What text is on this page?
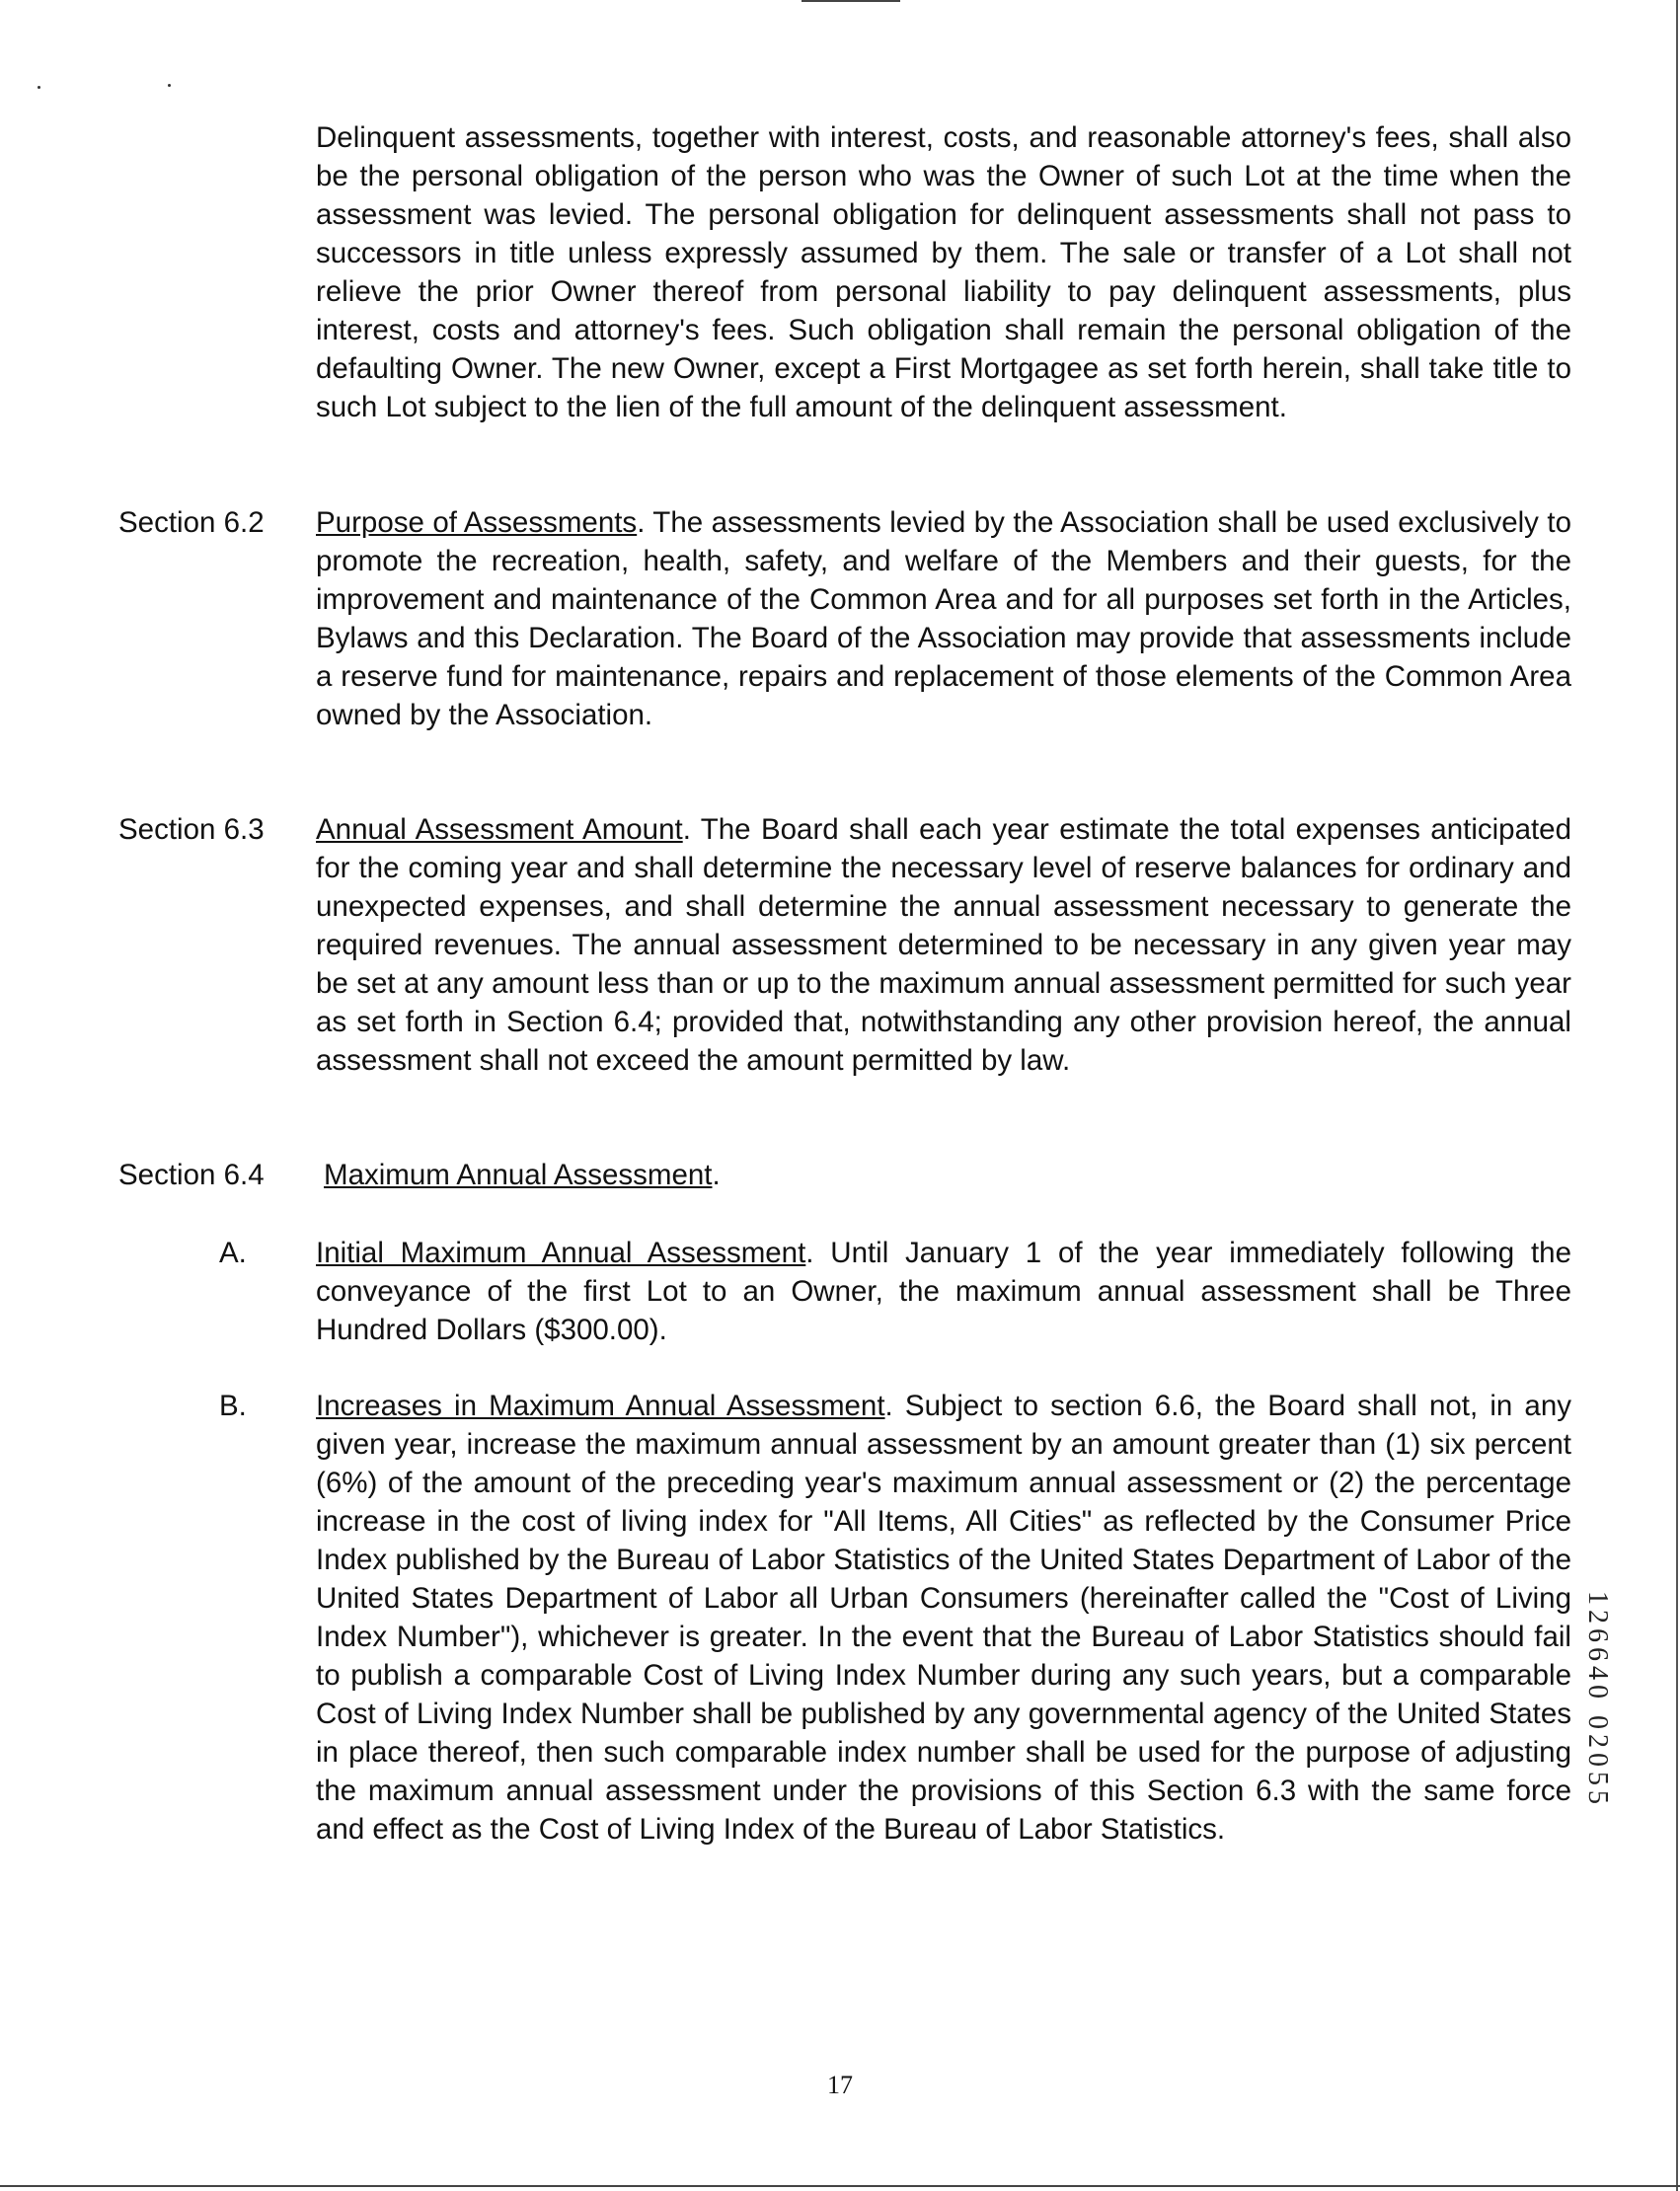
Delinquent assessments, together with interest, costs, and reasonable attorney's fees, shall also be the personal obligation of the person who was the Owner of such Lot at the time when the assessment was levied. The personal obligation for delinquent assessments shall not pass to successors in title unless expressly assumed by them. The sale or transfer of a Lot shall not relieve the prior Owner thereof from personal liability to pay delinquent assessments, plus interest, costs and attorney's fees. Such obligation shall remain the personal obligation of the defaulting Owner. The new Owner, except a First Mortgagee as set forth herein, shall take title to such Lot subject to the lien of the full amount of the delinquent assessment.
Section 6.2 Purpose of Assessments. The assessments levied by the Association shall be used exclusively to promote the recreation, health, safety, and welfare of the Members and their guests, for the improvement and maintenance of the Common Area and for all purposes set forth in the Articles, Bylaws and this Declaration. The Board of the Association may provide that assessments include a reserve fund for maintenance, repairs and replacement of those elements of the Common Area owned by the Association.
Section 6.3 Annual Assessment Amount. The Board shall each year estimate the total expenses anticipated for the coming year and shall determine the necessary level of reserve balances for ordinary and unexpected expenses, and shall determine the annual assessment necessary to generate the required revenues. The annual assessment determined to be necessary in any given year may be set at any amount less than or up to the maximum annual assessment permitted for such year as set forth in Section 6.4; provided that, notwithstanding any other provision hereof, the annual assessment shall not exceed the amount permitted by law.
Section 6.4 Maximum Annual Assessment.
A. Initial Maximum Annual Assessment. Until January 1 of the year immediately following the conveyance of the first Lot to an Owner, the maximum annual assessment shall be Three Hundred Dollars ($300.00).
B. Increases in Maximum Annual Assessment. Subject to section 6.6, the Board shall not, in any given year, increase the maximum annual assessment by an amount greater than (1) six percent (6%) of the amount of the preceding year's maximum annual assessment or (2) the percentage increase in the cost of living index for "All Items, All Cities" as reflected by the Consumer Price Index published by the Bureau of Labor Statistics of the United States Department of Labor of the United States Department of Labor all Urban Consumers (hereinafter called the "Cost of Living Index Number"), whichever is greater. In the event that the Bureau of Labor Statistics should fail to publish a comparable Cost of Living Index Number during any such years, but a comparable Cost of Living Index Number shall be published by any governmental agency of the United States in place thereof, then such comparable index number shall be used for the purpose of adjusting the maximum annual assessment under the provisions of this Section 6.3 with the same force and effect as the Cost of Living Index of the Bureau of Labor Statistics.
126640 02055
17
